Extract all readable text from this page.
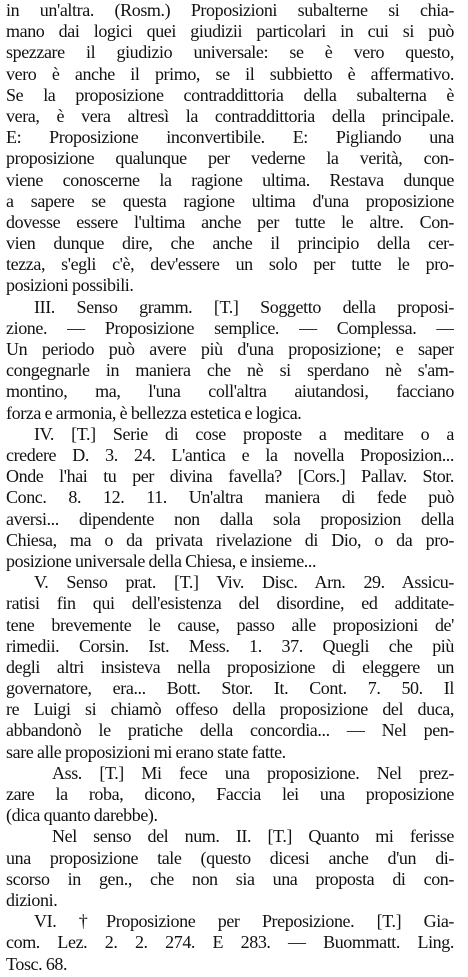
in un'altra. (Rosm.) Proposizioni subalterne si chia-
mano dai logici quei giudizii particolari in cui si può
spezzare il giudizio universale: se è vero questo,
vero è anche il primo, se il subbietto è affermativo.
Se la proposizione contraddittoria della subalterna è
vera, è vera altresì la contraddittoria della principale.
E: Proposizione inconvertibile. E: Pigliando una
proposizione qualunque per vederne la verità, con-
viene conoscerne la ragione ultima. Restava dunque
a sapere se questa ragione ultima d'una proposizione
dovesse essere l'ultima anche per tutte le altre. Con-
vien dunque dire, che anche il principio della cer-
tezza, s'egli c'è, dev'essere un solo per tutte le pro-
posizioni possibili.
III. Senso gramm. [T.] Soggetto della proposi-
zione. — Proposizione semplice. — Complessa. —
Un periodo può avere più d'una proposizione; e saper
congegnarle in maniera che nè si sperdano nè s'am-
montino, ma, l'una coll'altra aiutandosi, facciano
forza e armonia, è bellezza estetica e logica.
IV. [T.] Serie di cose proposte a meditare o a
credere D. 3. 24. L'antica e la novella Proposizion...
Onde l'hai tu per divina favella? [Cors.] Pallav. Stor.
Conc. 8. 12. 11. Un'altra maniera di fede può
aversi... dipendente non dalla sola proposizion della
Chiesa, ma o da privata rivelazione di Dio, o da pro-
posizione universale della Chiesa, e insieme...
V. Senso prat. [T.] Viv. Disc. Arn. 29. Assicu-
ratisi fin qui dell'esistenza del disordine, ed additate-
tene brevemente le cause, passo alle proposizioni de'
rimedii. Corsin. Ist. Mess. 1. 37. Quegli che più
degli altri insisteva nella proposizione di eleggere un
governatore, era... Bott. Stor. It. Cont. 7. 50. Il
re Luigi si chiamò offeso della proposizione del duca,
abbandonò le pratiche della concordia... — Nel pen-
sare alle proposizioni mi erano state fatte.
Ass. [T.] Mi fece una proposizione. Nel prez-
zare la roba, dicono, Faccia lei una proposizione
(dica quanto darebbe).
Nel senso del num. II. [T.] Quanto mi ferisse
una proposizione tale (questo dicesi anche d'un di-
scorso in gen., che non sia una proposta di con-
dizioni.
VI. †Proposizione per Preposizione. [T.] Gia-
com. Lez. 2. 2. 274. E 283. — Buommatt. Ling.
Tosc. 68.
